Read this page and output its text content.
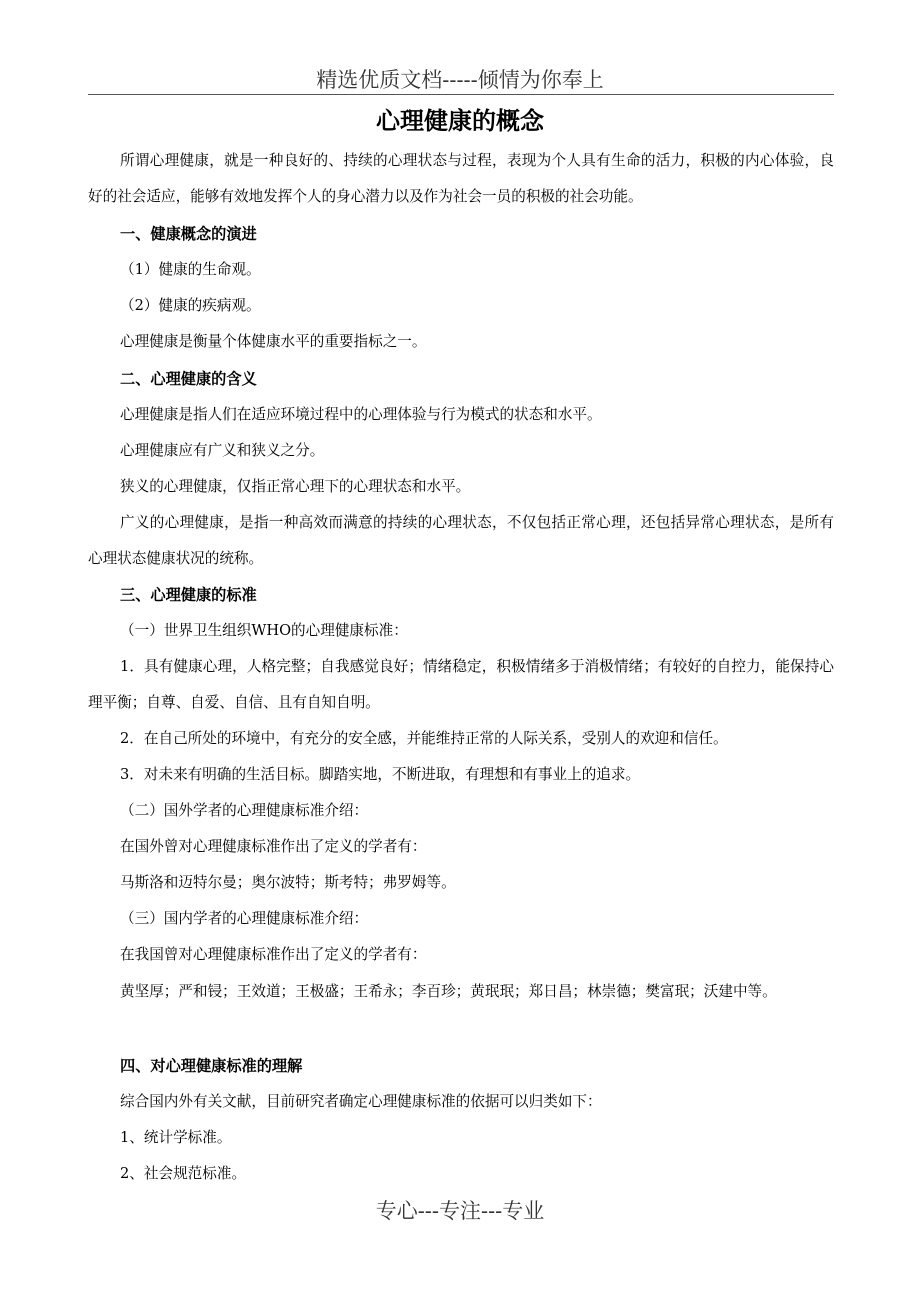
精选优质文档-----倾情为你奉上
心理健康的概念
所谓心理健康，就是一种良好的、持续的心理状态与过程，表现为个人具有生命的活力，积极的内心体验，良好的社会适应，能够有效地发挥个人的身心潜力以及作为社会一员的积极的社会功能。
一、健康概念的演进
（1）健康的生命观。
（2）健康的疾病观。
心理健康是衡量个体健康水平的重要指标之一。
二、心理健康的含义
心理健康是指人们在适应环境过程中的心理体验与行为模式的状态和水平。
心理健康应有广义和狭义之分。
狭义的心理健康，仅指正常心理下的心理状态和水平。
广义的心理健康，是指一种高效而满意的持续的心理状态，不仅包括正常心理，还包括异常心理状态，是所有心理状态健康状况的统称。
三、心理健康的标准
（一）世界卫生组织WHO的心理健康标准：
1．具有健康心理，人格完整；自我感觉良好；情绪稳定，积极情绪多于消极情绪；有较好的自控力，能保持心理平衡；自尊、自爱、自信、且有自知自明。
2．在自己所处的环境中，有充分的安全感，并能维持正常的人际关系，受别人的欢迎和信任。
3．对未来有明确的生活目标。脚踏实地，不断进取，有理想和有事业上的追求。
（二）国外学者的心理健康标准介绍：
在国外曾对心理健康标准作出了定义的学者有：
马斯洛和迈特尔曼；奥尔波特；斯考特；弗罗姆等。
（三）国内学者的心理健康标准介绍：
在我国曾对心理健康标准作出了定义的学者有：
黄坚厚；严和锓；王效道；王极盛；王希永；李百珍；黄珉珉；郑日昌；林崇德；樊富珉；沃建中等。
四、对心理健康标准的理解
综合国内外有关文献，目前研究者确定心理健康标准的依据可以归类如下：
1、统计学标准。
2、社会规范标准。
专心---专注---专业
